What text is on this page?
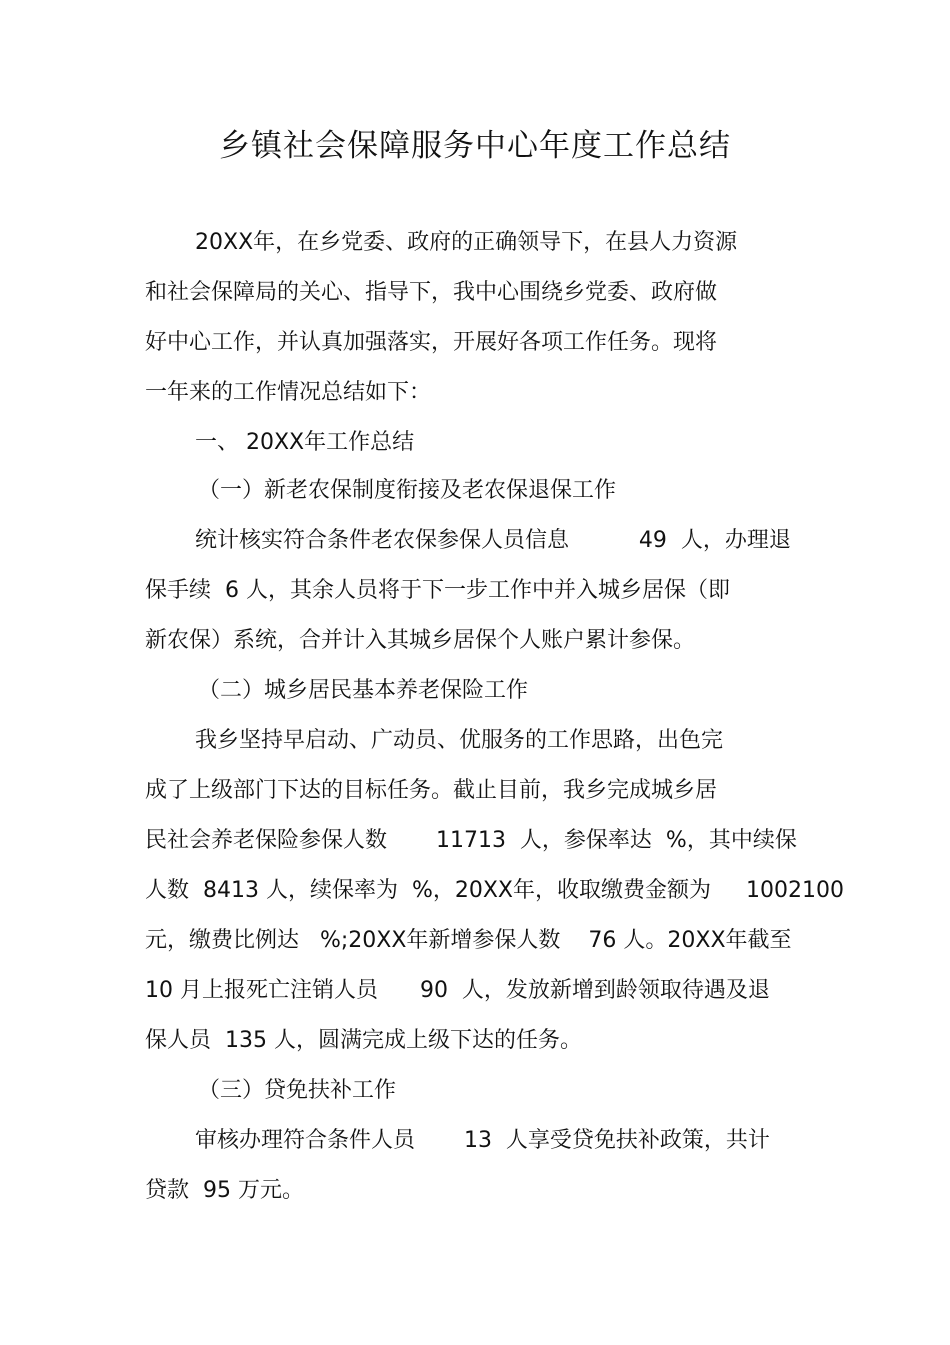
乡镇社会保障服务中心年度工作总结
20XX年，在乡党委、政府的正确领导下，在县人力资源
和社会保障局的关心、指导下，我中心围绕乡党委、政府做
好中心工作，并认真加强落实，开展好各项工作任务。现将
一年来的工作情况总结如下：
一、 20XX年工作总结
（一）新老农保制度衔接及老农保退保工作
统计核实符合条件老农保参保人员信息          49  人，办理退
保手续  6 人，其余人员将于下一步工作中并入城乡居保（即
新农保）系统，合并计入其城乡居保个人账户累计参保。
（二）城乡居民基本养老保险工作
我乡坚持早启动、广动员、优服务的工作思路，出色完
成了上级部门下达的目标任务。截止目前，我乡完成城乡居
民社会养老保险参保人数       11713  人，参保率达  %，其中续保
人数  8413 人，续保率为  %，20XX年，收取缴费金额为     1002100
元，缴费比例达   %;20XX年新增参保人数    76 人。20XX年截至
10 月上报死亡注销人员      90  人，发放新增到龄领取待遇及退
保人员  135 人，圆满完成上级下达的任务。
（三）贷免扶补工作
审核办理符合条件人员       13  人享受贷免扶补政策，共计
贷款  95 万元。
